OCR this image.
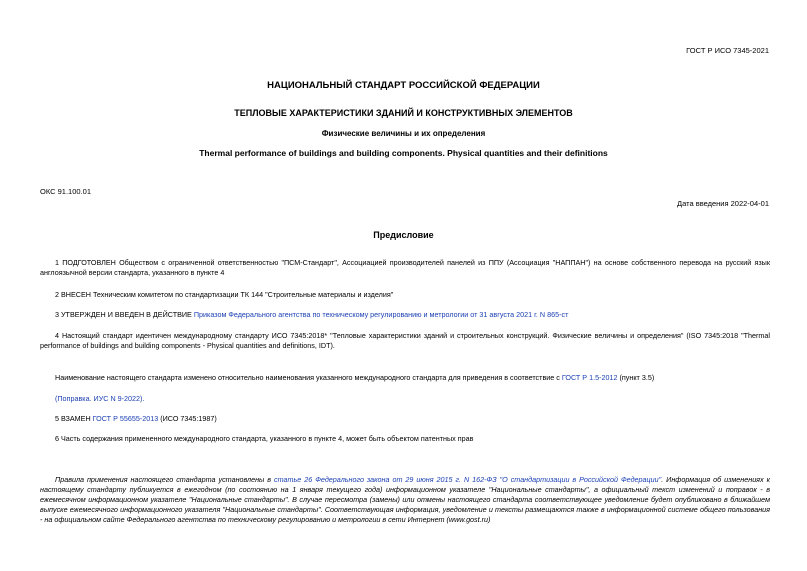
ГОСТ Р ИСО 7345-2021
НАЦИОНАЛЬНЫЙ СТАНДАРТ РОССИЙСКОЙ ФЕДЕРАЦИИ
ТЕПЛОВЫЕ ХАРАКТЕРИСТИКИ ЗДАНИЙ И КОНСТРУКТИВНЫХ ЭЛЕМЕНТОВ
Физические величины и их определения
Thermal performance of buildings and building components. Physical quantities and their definitions
ОКС 91.100.01
Дата введения 2022-04-01
Предисловие
1 ПОДГОТОВЛЕН Обществом с ограниченной ответственностью "ПСМ-Стандарт", Ассоциацией производителей панелей из ППУ (Ассоциация "НАППАН") на основе собственного перевода на русский язык англоязычной версии стандарта, указанного в пункте 4
2 ВНЕСЕН Техническим комитетом по стандартизации ТК 144 "Строительные материалы и изделия"
3 УТВЕРЖДЕН И ВВЕДЕН В ДЕЙСТВИЕ Приказом Федерального агентства по техническому регулированию и метрологии от 31 августа 2021 г. N 865-ст
4 Настоящий стандарт идентичен международному стандарту ИСО 7345:2018* "Тепловые характеристики зданий и строительных конструкций. Физические величины и определения" (ISO 7345:2018 "Thermal performance of buildings and building components - Physical quantities and definitions, IDT).
Наименование настоящего стандарта изменено относительно наименования указанного международного стандарта для приведения в соответствие с ГОСТ Р 1.5-2012 (пункт 3.5)
(Поправка. ИУС N 9-2022).
5 ВЗАМЕН ГОСТ Р 55655-2013 (ИСО 7345:1987)
6 Часть содержания примененного международного стандарта, указанного в пункте 4, может быть объектом патентных прав
Правила применения настоящего стандарта установлены в статье 26 Федерального закона от 29 июня 2015 г. N 162-ФЗ "О стандартизации в Российской Федерации". Информация об изменениях к настоящему стандарту публикуется в ежегодном (по состоянию на 1 января текущего года) информационном указателе "Национальные стандарты", а официальный текст изменений и поправок - в ежемесячном информационном указателе "Национальные стандарты". В случае пересмотра (замены) или отмены настоящего стандарта соответствующее уведомление будет опубликовано в ближайшем выпуске ежемесячного информационного указателя "Национальные стандарты". Соответствующая информация, уведомление и тексты размещаются также в информационной системе общего пользования - на официальном сайте Федерального агентства по техническому регулированию и метрологии в сети Интернет (www.gost.ru)
